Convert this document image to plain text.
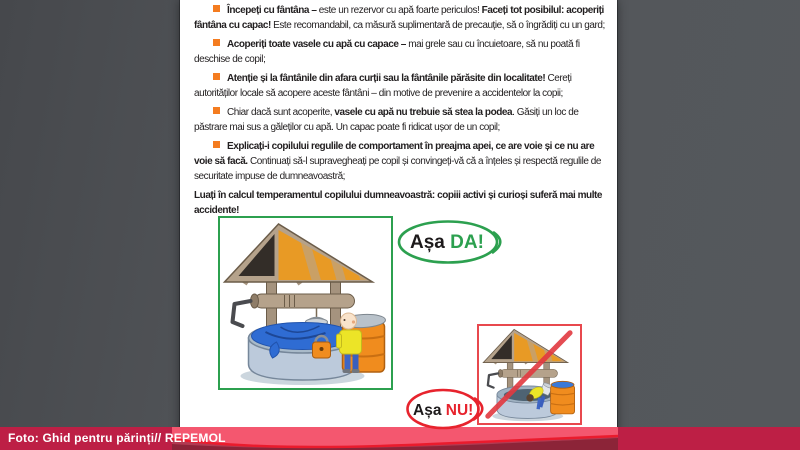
Începeți cu fântâna – este un rezervor cu apă foarte periculos! Faceți tot posibilul: acoperiți fântâna cu capac! Este recomandabil, ca măsură suplimentară de precauție, să o îngrădiți cu un gard;

Acoperiți toate vasele cu apă cu capace – mai grele sau cu încuietoare, să nu poată fi deschise de copil;

Atenție și la fântânile din afara curții sau la fântânile părăsite din localitate! Cereți autorităților locale să acopere aceste fântâni – din motive de prevenire a accidentelor la copii;

Chiar dacă sunt acoperite, vasele cu apă nu trebuie să stea la podea. Găsiți un loc de păstrare mai sus a găleților cu apă. Un capac poate fi ridicat ușor de un copil;

Explicați-i copilului regulile de comportament în preajma apei, ce are voie și ce nu are voie să facă. Continuați să-l supravegheați pe copil și convingeți-vă că a înțeles și respectă regulile de securitate impuse de dumneavoastră;

Luați în calcul temperamentul copilului dumneavoastră: copiii activi și curioși suferă mai multe accidente!

Așa DA!
Așa NU!
Foto: Ghid pentru părinți// REPEMOL
